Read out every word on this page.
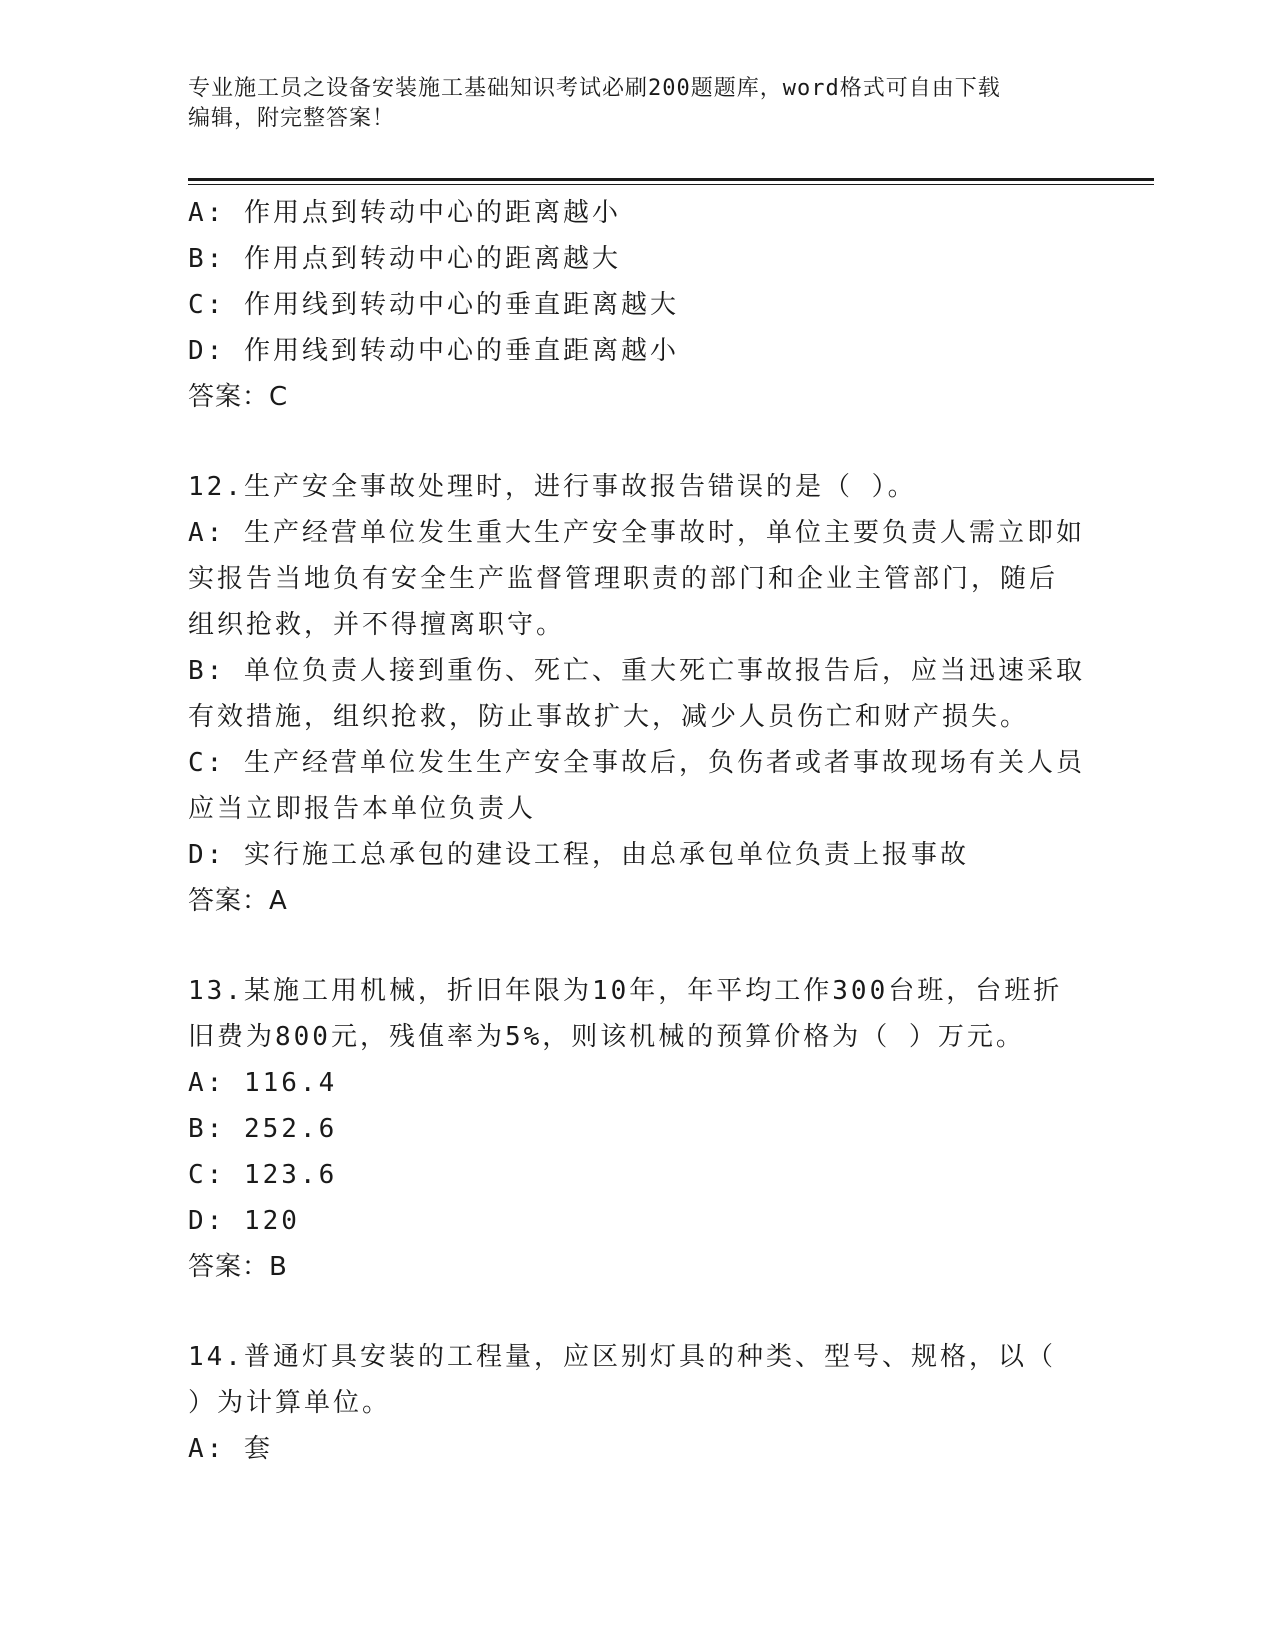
专业施工员之设备安装施工基础知识考试必刷200题题库，word格式可自由下载
编辑，附完整答案！
A: 作用点到转动中心的距离越小
B: 作用点到转动中心的距离越大
C: 作用线到转动中心的垂直距离越大
D: 作用线到转动中心的垂直距离越小
答案：C
12.生产安全事故处理时，进行事故报告错误的是（ ）。
A: 生产经营单位发生重大生产安全事故时，单位主要负责人需立即如
实报告当地负有安全生产监督管理职责的部门和企业主管部门，随后
组织抢救，并不得擅离职守。
B: 单位负责人接到重伤、死亡、重大死亡事故报告后，应当迅速采取
有效措施，组织抢救，防止事故扩大，减少人员伤亡和财产损失。
C: 生产经营单位发生生产安全事故后，负伤者或者事故现场有关人员
应当立即报告本单位负责人
D: 实行施工总承包的建设工程，由总承包单位负责上报事故
答案：A
13.某施工用机械，折旧年限为10年，年平均工作300台班，台班折
旧费为800元，残值率为5%，则该机械的预算价格为（ ）万元。
A: 116.4
B: 252.6
C: 123.6
D: 120
答案：B
14.普通灯具安装的工程量，应区别灯具的种类、型号、规格，以（
）为计算单位。
A: 套
